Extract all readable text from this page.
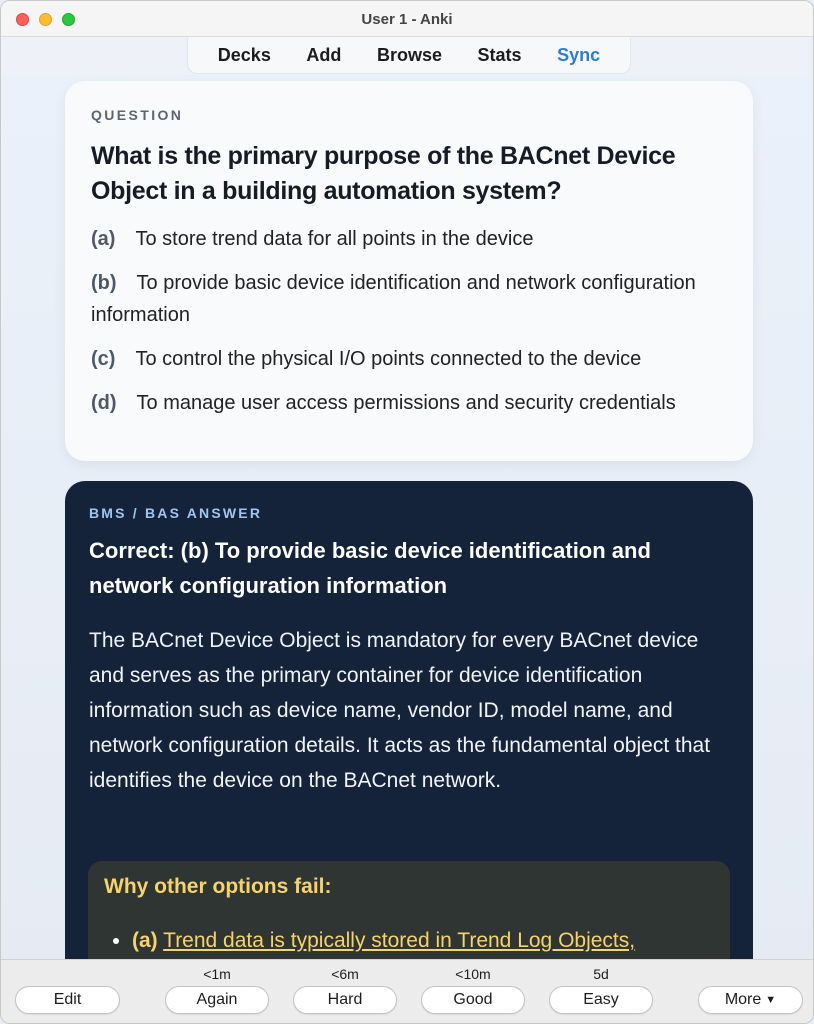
User 1 - Anki
Decks Add Browse Stats Sync
QUESTION
What is the primary purpose of the BACnet Device Object in a building automation system?
(a) To store trend data for all points in the device
(b) To provide basic device identification and network configuration information
(c) To control the physical I/O points connected to the device
(d) To manage user access permissions and security credentials
BMS / BAS ANSWER
Correct: (b) To provide basic device identification and network configuration information
The BACnet Device Object is mandatory for every BACnet device and serves as the primary container for device identification information such as device name, vendor ID, model name, and network configuration details. It acts as the fundamental object that identifies the device on the BACnet network.
Why other options fail:
• (a) Trend data is typically stored in Trend Log Objects,
Edit
<1m
Again
<6m
Hard
<10m
Good
5d
Easy	More ▼
